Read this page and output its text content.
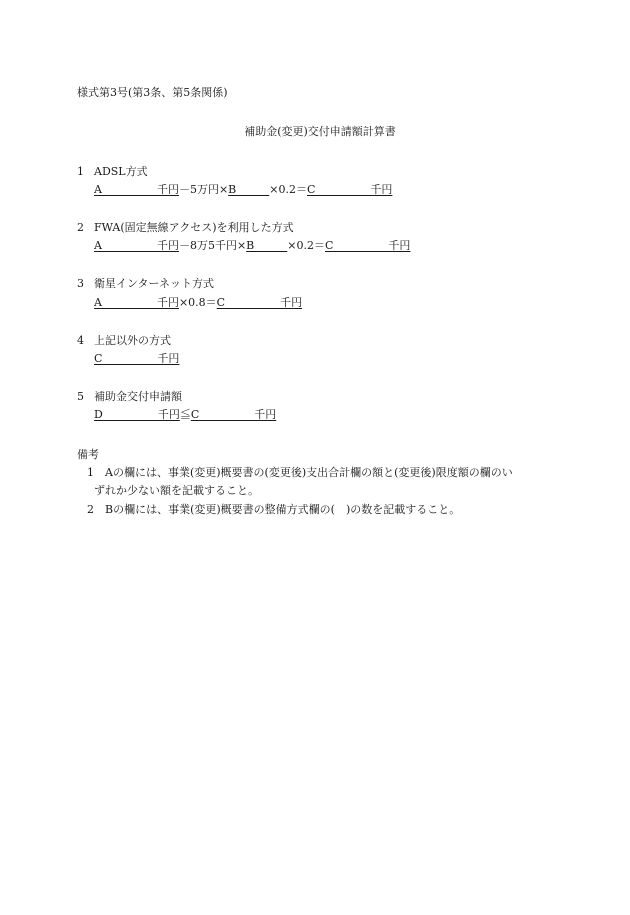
様式第3号(第3条、第5条関係)
補助金(変更)交付申請額計算書
1 ADSL方式
A　　　　　千円－5万円×B　　　×0.2＝C　　　　　千円
2 FWA(固定無線アクセス)を利用した方式
A　　　　　千円－8万5千円×B　　　×0.2＝C　　　　　千円
3 衛星インターネット方式
A　　　　　千円×0.8＝C　　　　　千円
4 上記以外の方式
C　　　　　千円
5 補助金交付申請額
D　　　　　千円≦C　　　　　千円
備考
1 Aの欄には、事業(変更)概要書の(変更後)支出合計欄の額と(変更後)限度額の欄のい
ずれか少ない額を記載すること。
2 Bの欄には、事業(変更)概要書の整備方式欄の(　)の数を記載すること。
